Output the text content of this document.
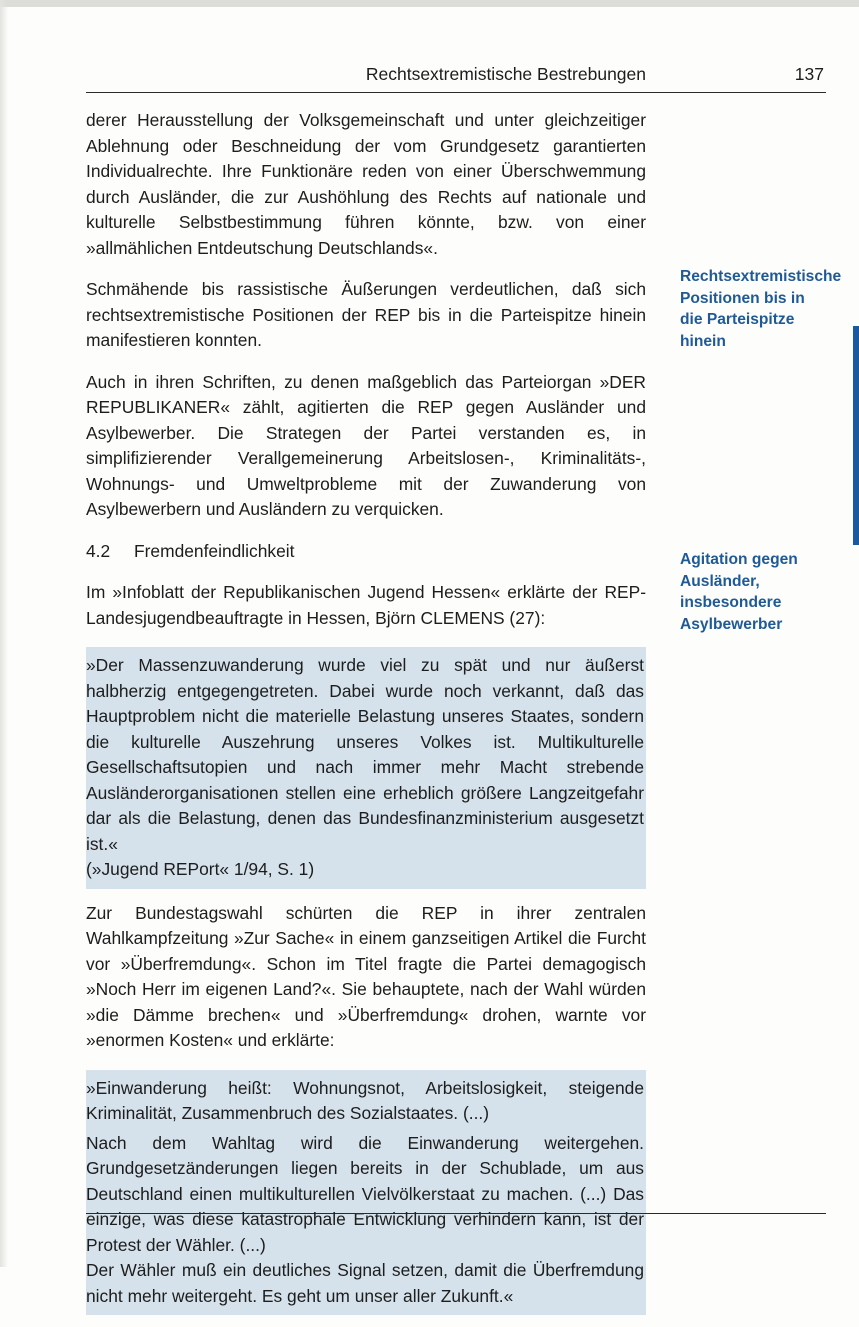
Rechtsextremistische Bestrebungen	137

derer Herausstellung der Volksgemeinschaft und unter gleichzeitiger Ablehnung oder Beschneidung der vom Grundgesetz garantierten Individualrechte. Ihre Funktionäre reden von einer Überschwemmung durch Ausländer, die zur Aushöhlung des Rechts auf nationale und kulturelle Selbstbestimmung führen könnte, bzw. von einer »allmählichen Entdeutschung Deutschlands«.

Schmähende bis rassistische Äußerungen verdeutlichen, daß sich rechtsextremistische Positionen der REP bis in die Parteispitze hinein manifestieren konnten.

Auch in ihren Schriften, zu denen maßgeblich das Parteiorgan »DER REPUBLIKANER« zählt, agitierten die REP gegen Ausländer und Asylbewerber. Die Strategen der Partei verstanden es, in simplifizierender Verallgemeinerung Arbeitslosen-, Kriminalitäts-, Wohnungs- und Umweltprobleme mit der Zuwanderung von Asylbewerbern und Ausländern zu verquicken.

4.2 Fremdenfeindlichkeit

Im »Infoblatt der Republikanischen Jugend Hessen« erklärte der REP-Landesjugendbeauftragte in Hessen, Björn CLEMENS (27):

»Der Massenzuwanderung wurde viel zu spät und nur äußerst halbherzig entgegengetreten. Dabei wurde noch verkannt, daß das Hauptproblem nicht die materielle Belastung unseres Staates, sondern die kulturelle Auszehrung unseres Volkes ist. Multikulturelle Gesellschaftsutopien und nach immer mehr Macht strebende Ausländerorganisationen stellen eine erheblich größere Langzeitgefahr dar als die Belastung, denen das Bundesfinanzministerium ausgesetzt ist.«

(»Jugend REPort« 1/94, S. 1)

Zur Bundestagswahl schürten die REP in ihrer zentralen Wahlkampfzeitung »Zur Sache« in einem ganzseitigen Artikel die Furcht vor »Überfremdung«. Schon im Titel fragte die Partei demagogisch »Noch Herr im eigenen Land?«. Sie behauptete, nach der Wahl würden »die Dämme brechen« und »Überfremdung« drohen, warnte vor »enormen Kosten« und erklärte:

»Einwanderung heißt: Wohnungsnot, Arbeitslosigkeit, steigende Kriminalität, Zusammenbruch des Sozialstaates. (...)

Nach dem Wahltag wird die Einwanderung weitergehen. Grundgesetzänderungen liegen bereits in der Schublade, um aus Deutschland einen multikulturellen Vielvölkerstaat zu machen. (...) Das einzige, was diese katastrophale Entwicklung verhindern kann, ist der Protest der Wähler. (...)

Der Wähler muß ein deutliches Signal setzen, damit die Überfremdung nicht mehr weitergeht. Es geht um unser aller Zukunft.«

Rechtsextremistische Positionen bis in die Parteispitze hinein
Agitation gegen Ausländer, insbesondere Asylbewerber
